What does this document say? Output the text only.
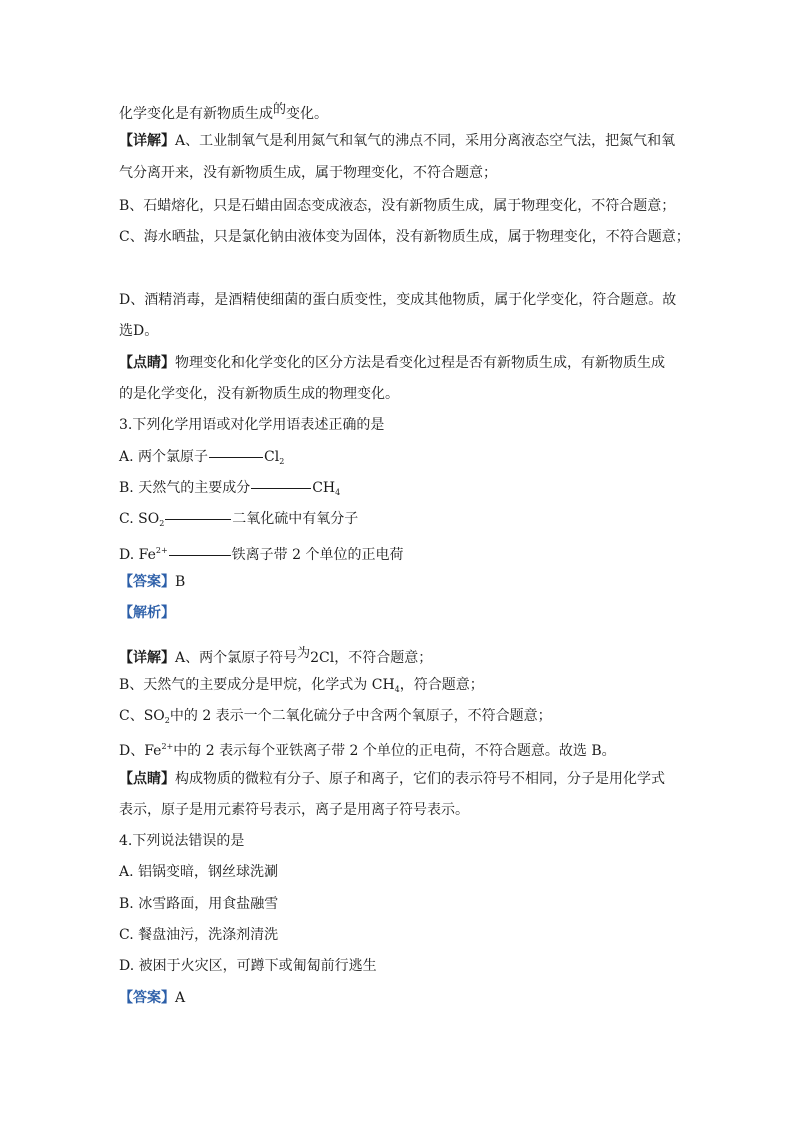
化学变化是有新物质生成的变化。
【详解】A、工业制氧气是利用氮气和氧气的沸点不同，采用分离液态空气法，把氮气和氧
气分离开来，没有新物质生成，属于物理变化，不符合题意；
B、石蜡熔化，只是石蜡由固态变成液态，没有新物质生成，属于物理变化，不符合题意；
C、海水晒盐，只是氯化钠由液体变为固体，没有新物质生成，属于物理变化，不符合题意；
D、酒精消毒，是酒精使细菌的蛋白质变性，变成其他物质，属于化学变化，符合题意。故
选D。
【点睛】物理变化和化学变化的区分方法是看变化过程是否有新物质生成，有新物质生成
的是化学变化，没有新物质生成的物理变化。
3.下列化学用语或对化学用语表述正确的是
A. 两个氯原子	$Cl_2$
B. 天然气的主要成分	$CH_4$
C. $SO_2$	二氧化硫中有氧分子
D. $Fe^{2+}$	铁离子带 2 个单位的正电荷
【答案】B
【解析】
【详解】A、两个氯原子符号为2Cl，不符合题意；
B、天然气的主要成分是甲烷，化学式为 $CH_4$，符合题意；
C、$SO_2$中的 2 表示一个二氧化硫分子中含两个氧原子，不符合题意；
D、$Fe^{2+}$中的 2 表示每个亚铁离子带 2 个单位的正电荷，不符合题意。故选 B。
【点睛】构成物质的微粒有分子、原子和离子，它们的表示符号不相同，分子是用化学式
表示，原子是用元素符号表示，离子是用离子符号表示。
4.下列说法错误的是
A. 铝锅变暗，钢丝球洗涮
B. 冰雪路面，用食盐融雪
C. 餐盘油污，洗涤剂清洗
D. 被困于火灾区，可蹲下或匍匐前行逃生
【答案】A
